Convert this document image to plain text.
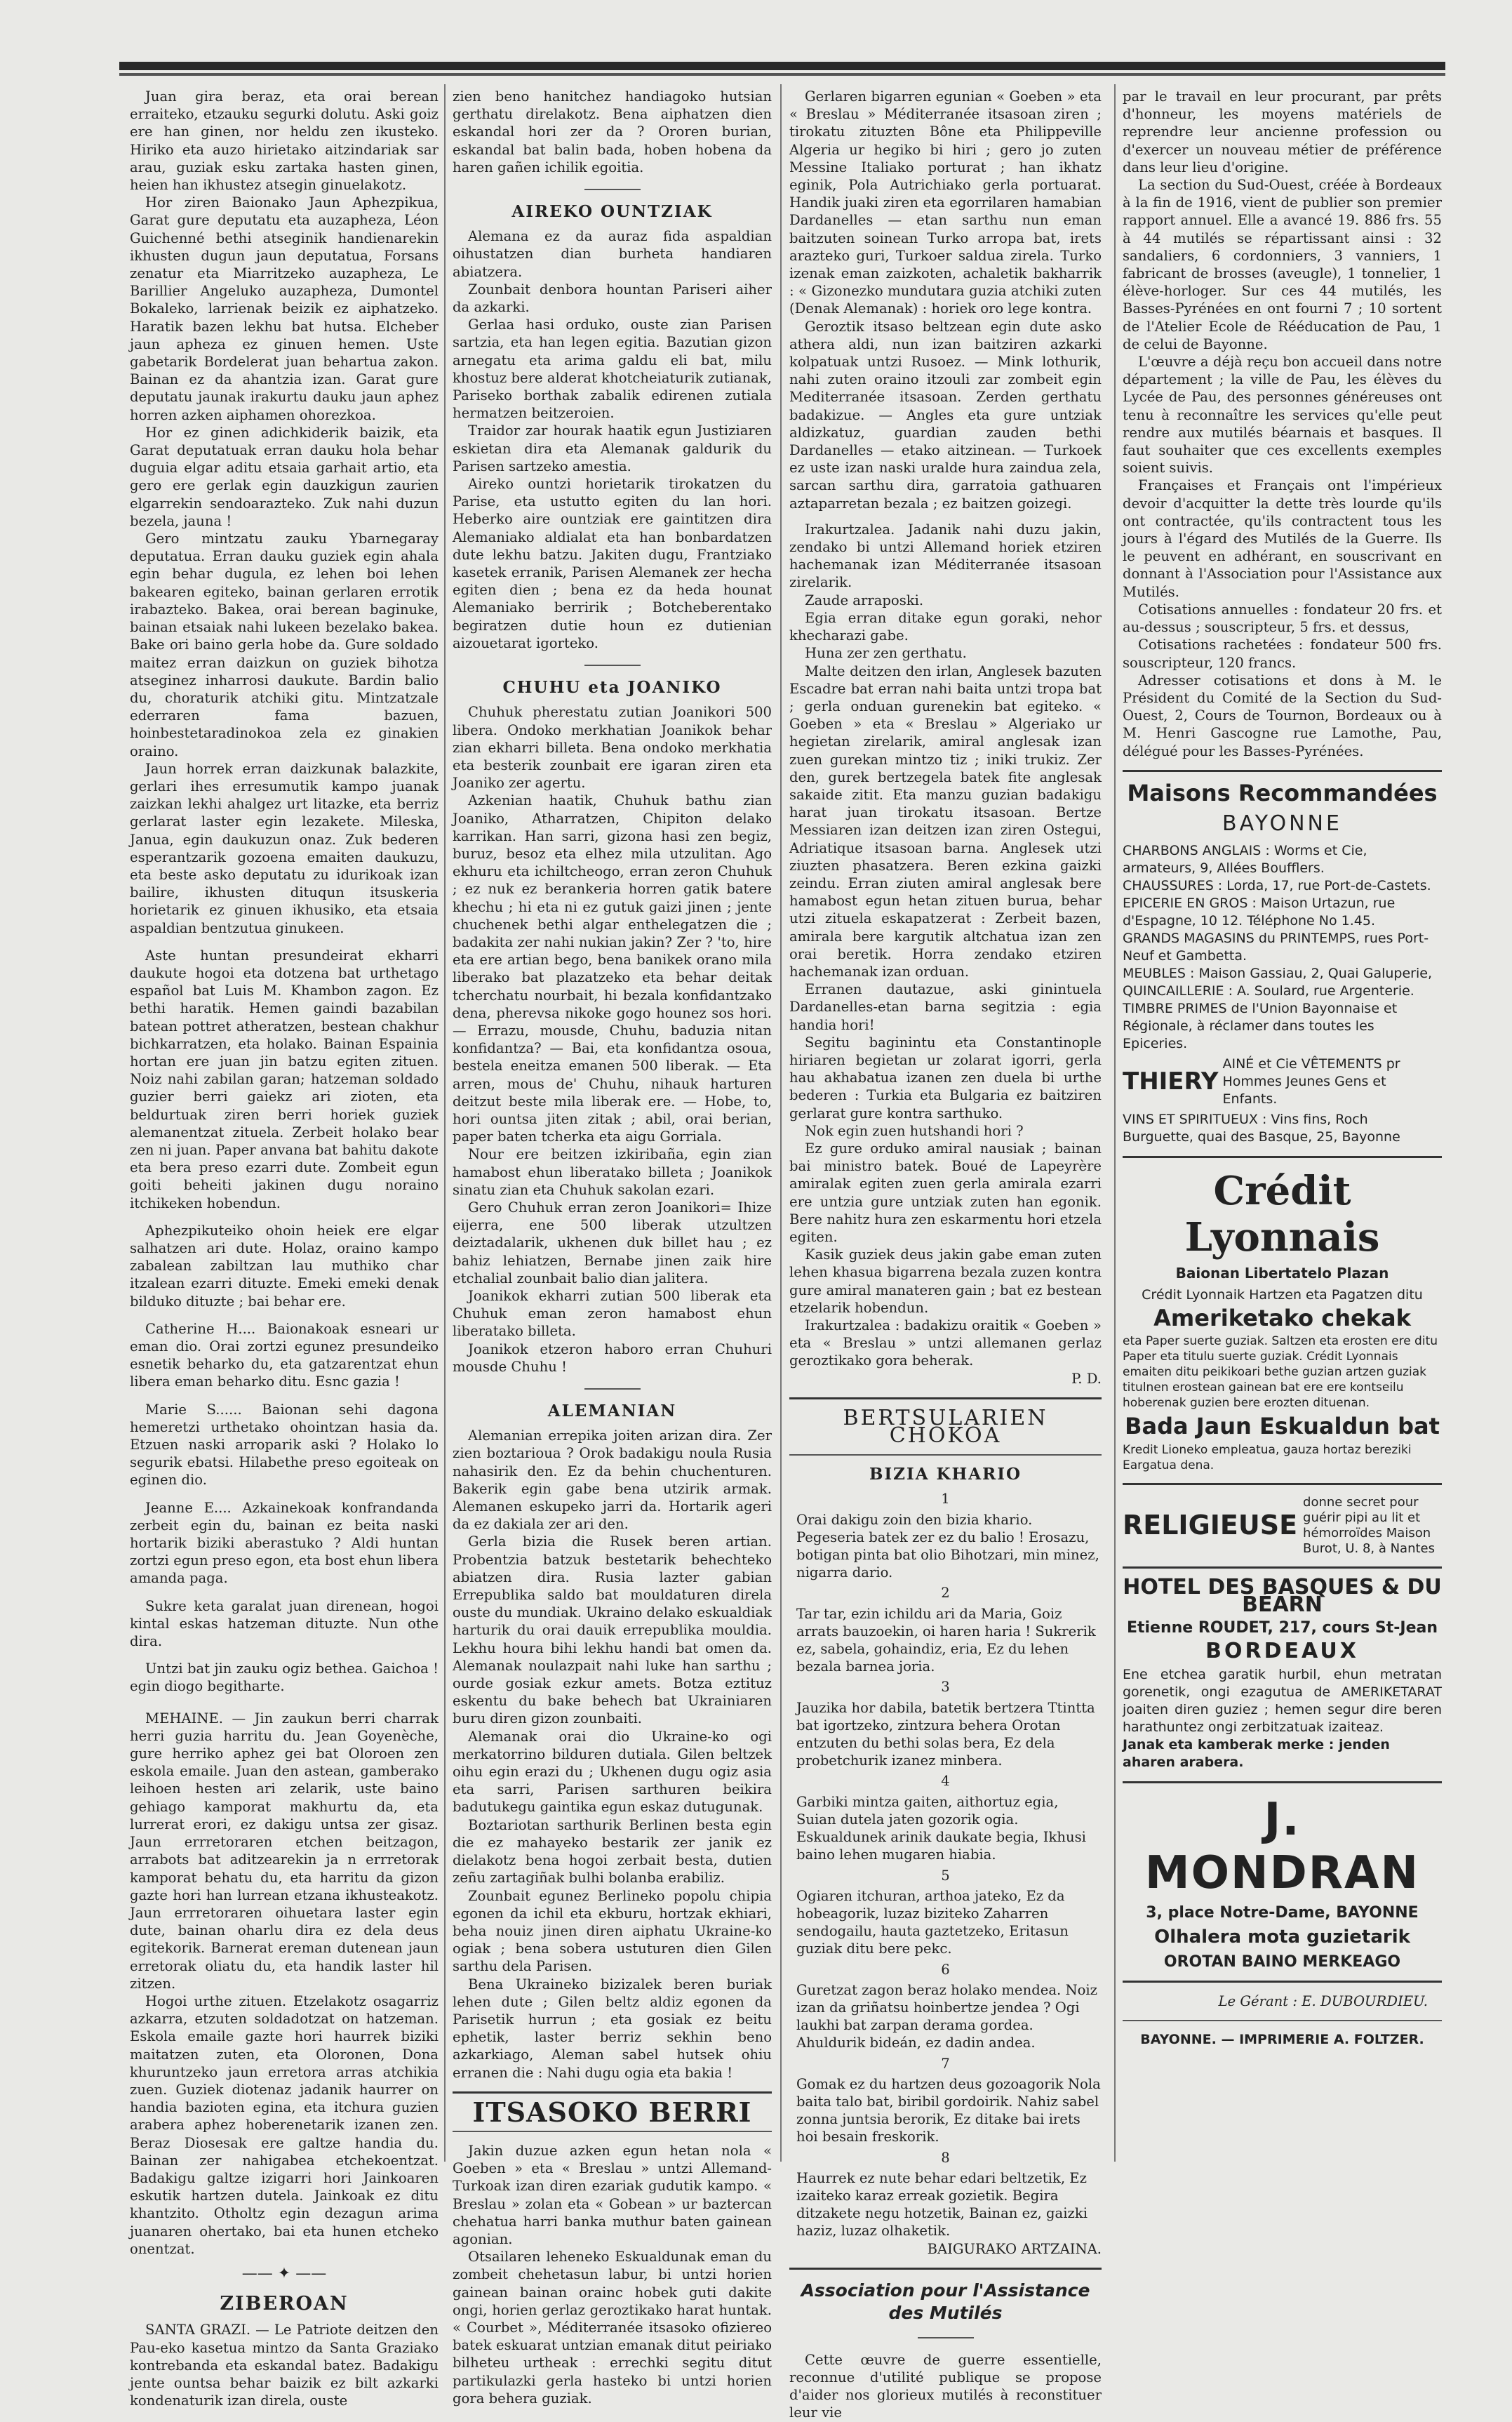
Juan gira beraz, eta orai berean erraiteko, etzauku segurki dolutu. Aski goiz ere han ginen, nor heldu zen ikusteko. Hiriko eta auzo hirietako aitzindariak sar arau, guziak esku zartaka hasten ginen, heien han ikhustez atsegin ginuelakotz.

Hor ziren Baionako Jaun Aphezpikua, Garat gure deputatu eta auzapheza, Léon Guichenné bethi atseginik handienarekin ikhusten dugun jaun deputatua, Forsans zenatur eta Miarritzeko auzapheza, Le Barillier Angeluko auzapheza, Dumontel Bokaleko, larrienak beizik ez aiphatzeko. Haratik bazen lekhu bat hutsa. Elcheber jaun apheza ez ginuen hemen. Uste gabetarik Bordelerat juan behartua zakon. Bainan ez da ahantzia izan. Garat gure deputatu jaunak irakurtu dauku jaun aphez horren azken aiphamen ohorezkoa.

Hor ez ginen adichkiderik baizik, eta Garat deputatuak erran dauku hola behar duguia elgar aditu etsaia garhait artio, eta gero ere gerlak egin dauzkigun zaurien elgarrekin sendoarazteko. Zuk nahi duzun bezela, jauna !

Gero mintzatu zauku Ybarnegaray deputatua. Erran dauku guziek egin ahala egin behar dugula, ez lehen boi lehen bakearen egiteko, bainan gerlaren errotik irabazteko. Bakea, orai berean baginuke, bainan etsaiak nahi lukeen bezelako bakea. Bake ori baino gerla hobe da. Gure soldado maitez erran daizkun on guziek bihotza atseginez inharrosi daukute. Bardin balio du, choraturik atchiki gitu. Mintzatzale ederraren fama bazuen, hoinbestetaradinokoa zela ez ginakien oraino.

Jaun horrek erran daizkunak balazkite, gerlari ihes erresumutik kampo juanak zaizkan lekhi ahalgez urt litazke, eta berriz gerlarat laster egin lezakete. Mileska, Janua, egin daukuzun onaz. Zuk bederen esperantzarik gozoena emaiten daukuzu, eta beste asko deputatu zu idurikoak izan bailire, ikhusten dituqun itsuskeria horietarik ez ginuen ikhusiko, eta etsaia aspaldian bentzutua ginukeen.

Aste huntan presundeirat ekharri daukute hogoi eta dotzena bat urthetago español bat Luis M. Khambon zagon. Ez bethi haratik. Hemen gaindi bazabilan batean pottret atheratzen, bestean chakhur bichkarratzen, eta holako. Bainan Espainia hortan ere juan jin batzu egiten zituen. Noiz nahi zabilan garan; hatzeman soldado guzier berri gaiekz ari zioten, eta beldurtuak ziren berri horiek guziek alemanentzat zituela. Zerbeit holako bear zen ni juan. Paper anvana bat bahitu dakote eta bera preso ezarri dute. Zombeit egun goiti beheiti jakinen dugu noraino itchikeken hobendun.

Aphezpikuteiko ohoin heiek ere elgar salhatzen ari dute. Holaz, oraino kampo zabalean zabiltzan lau muthiko char itzalean ezarri dituzte. Emeki emeki denak bilduko dituzte ; bai behar ere.

Catherine H.... Baionakoak esneari ur eman dio. Orai zortzi egunez presundeiko esnetik beharko du, eta gatzarentzat ehun libera eman beharko ditu. Esnc gazia !

Marie S...... Baionan sehi dagona hemeretzi urthetako ohointzan hasia da. Etzuen naski arroparik aski ? Holako lo segurik ebatsi. Hilabethe preso egoiteak on eginen dio.

Jeanne E.... Azkainekoak konfrandanda zerbeit egin du, bainan ez beita naski hortarik biziki aberastuko ? Aldi huntan zortzi egun preso egon, eta bost ehun libera amanda paga.

Sukre keta garalat juan direnean, hogoi kintal eskas hatzeman dituzte. Nun othe dira.

Untzi bat jin zauku ogiz bethea. Gaichoa ! egin diogo begitharte.

MEHAINE. — Jin zaukun berri charrak herri guzia harritu du. Jean Goyenèche, gure herriko aphez gei bat Oloroen zen eskola emaile. Juan den astean, gamberako leihoen hesten ari zelarik, uste baino gehiago kamporat makhurtu da, eta lurrerat erori, ez dakigu untsa zer gisaz. Jaun errretoraren etchen beitzagon, arrabots bat aditzearekin ja n errretorak kamporat behatu du, eta harritu da gizon gazte hori han lurrean etzana ikhusteakotz. Jaun errretoraren oihuetara laster egin dute, bainan oharlu dira ez dela deus egitekorik. Barnerat ereman dutenean jaun erretorak oliatu du, eta handik laster hil zitzen.

Hogoi urthe zituen. Etzelakotz osagarriz azkarra, etzuten soldadotzat on hatzeman. Eskola emaile gazte hori haurrek biziki maitatzen zuten, eta Oloronen, Dona khuruntzeko jaun erretora arras atchikia zuen. Guziek diotenaz jadanik haurrer on handia bazioten egina, eta itchura guzien arabera aphez hoberenetarik izanen zen. Beraz Diosesak ere galtze handia du. Bainan zer nahigabea etchekoentzat. Badakigu galtze izigarri hori Jainkoaren eskutik hartzen dutela. Jainkoak ez ditu khantzito. Otholtz egin dezagun arima juanaren ohertako, bai eta hunen etcheko onentzat.

—— ✦ ——
ZIBEROAN

SANTA GRAZI. — Le Patriote deitzen den Pau-eko kasetua mintzo da Santa Graziako kontrebanda eta eskandal batez. Badakigu jente ountsa behar baizik ez bilt azkarki kondenaturik izan direla, ouste

zien beno hanitchez handiagoko hutsian gerthatu direlakotz. Bena aiphatzen dien eskandal hori zer da ? Ororen burian, eskandal bat balin bada, hoben hobena da haren gañen ichilik egoitia.

AIREKO OUNTZIAK

Alemana ez da auraz fida aspaldian oihustatzen dian burheta handiaren abiatzera.

Zounbait denbora hountan Pariseri aiher da azkarki.

Gerlaa hasi orduko, ouste zian Parisen sartzia, eta han legen egitia. Bazutian gizon arnegatu eta arima galdu eli bat, milu khostuz bere alderat khotcheiaturik zutianak, Pariseko borthak zabalik edirenen zutiala hermatzen beitzeroien.

Traidor zar hourak haatik egun Justiziaren eskietan dira eta Alemanak galdurik du Parisen sartzeko amestia.

Aireko ountzi horietarik tirokatzen du Parise, eta ustutto egiten du lan hori. Heberko aire ountziak ere gaintitzen dira Alemaniako aldialat eta han bonbardatzen dute lekhu batzu. Jakiten dugu, Frantziako kasetek erranik, Parisen Alemanek zer hecha egiten dien ; bena ez da heda hounat Alemaniako berririk ; Botcheberentako begiratzen dutie houn ez dutienian aizouetarat igorteko.

CHUHU eta JOANIKO

Chuhuk pherestatu zutian Joanikori 500 libera. Ondoko merkhatian Joanikok behar zian ekharri billeta. Bena ondoko merkhatia eta besterik zounbait ere igaran ziren eta Joaniko zer agertu.

Azkenian haatik, Chuhuk bathu zian Joaniko, Atharratzen, Chipiton delako karrikan. Han sarri, gizona hasi zen begiz, buruz, besoz eta elhez mila utzulitan. Ago ekhuru eta ichiltcheogo, erran zeron Chuhuk ; ez nuk ez berankeria horren gatik batere khechu ; hi eta ni ez gutuk gaizi jinen ; jente chuchenek bethi algar enthelegatzen die ; badakita zer nahi nukian jakin? Zer ? 'to, hire eta ere artian bego, bena banikek orano mila liberako bat plazatzeko eta behar deitak tcherchatu nourbait, hi bezala konfidantzako dena, pherevsa nikoke gogo hounez sos hori. — Errazu, mousde, Chuhu, baduzia nitan konfidantza? — Bai, eta konfidantza osoua, bestela eneitza emanen 500 liberak. — Eta arren, mous de' Chuhu, nihauk harturen deitzut beste mila liberak ere. — Hobe, to, hori ountsa jiten zitak ; abil, orai berian, paper baten tcherka eta aigu Gorriala.

Nour ere beitzen izkiribaña, egin zian hamabost ehun liberatako billeta ; Joanikok sinatu zian eta Chuhuk sakolan ezari.

Gero Chuhuk erran zeron Joanikori= Ihize eijerra, ene 500 liberak utzultzen deiztadalarik, ukhenen duk billet hau ; ez bahiz lehiatzen, Bernabe jinen zaik hire etchalial zounbait balio dian jalitera.

Joanikok ekharri zutian 500 liberak eta Chuhuk eman zeron hamabost ehun liberatako billeta.

Joanikok etzeron haboro erran Chuhuri mousde Chuhu !

ALEMANIAN

Alemanian errepika joiten arizan dira. Zer zien boztarioua ? Orok badakigu noula Rusia nahasirik den. Ez da behin chuchenturen. Bakerik egin gabe bena utzirik armak. Alemanen eskupeko jarri da. Hortarik ageri da ez dakiala zer ari den.

Gerla bizia die Rusek beren artian. Probentzia batzuk bestetarik behechteko abiatzen dira. Rusia lazter gabian Errepublika saldo bat mouldaturen direla ouste du mundiak. Ukraino delako eskualdiak harturik du orai dauik errepublika mouldia. Lekhu houra bihi lekhu handi bat omen da. Alemanak noulazpait nahi luke han sarthu ; ourde gosiak ezkur amets. Botza eztituz eskentu du bake behech bat Ukrainiaren buru diren gizon zounbaiti.

Alemanak orai dio Ukraine-ko ogi merkatorrino bilduren dutiala. Gilen beltzek oihu egin erazi du ; Ukhenen dugu ogiz asia eta sarri, Parisen sarthuren beikira badutukegu gaintika egun eskaz dutugunak.

Boztariotan sarthurik Berlinen besta egin die ez mahayeko bestarik zer janik ez dielakotz bena hogoi zerbait besta, dutien zeñu zartagiñak bulhi bolanba erabiliz.

Zounbait egunez Berlineko popolu chipia egonen da ichil eta ekburu, hortzak ekhiari, beha nouiz jinen diren aiphatu Ukraine-ko ogiak ; bena sobera ustuturen dien Gilen sarthu dela Parisen.

Bena Ukraineko bizizalek beren buriak lehen dute ; Gilen beltz aldiz egonen da Parisetik hurrun ; eta gosiak ez beitu ephetik, laster berriz sekhin beno azkarkiago, Aleman sabel hutsek ohiu erranen die : Nahi dugu ogia eta bakia !

ITSASOKO BERRI

Jakin duzue azken egun hetan nola « Goeben » eta « Breslau » untzi Allemand-Turkoak izan diren ezariak gudutik kampo. « Breslau » zolan eta « Gobean » ur baztercan chehatua harri banka muthur baten gainean agonian.

Otsailaren leheneko Eskualdunak eman du zombeit chehetasun labur, bi untzi horien gainean bainan orainc hobek guti dakite ongi, horien gerlaz geroztikako harat huntak. « Courbet », Méditerranée itsasoko ofiziereo batek eskuarat untzian emanak ditut peiriako bilheteu urtheak : errechki segitu ditut partikulazki gerla hasteko bi untzi horien gora behera guziak.

Gerlaren bigarren egunian « Goeben » eta « Breslau » Méditerranée itsasoan ziren ; tirokatu zituzten Bône eta Philippeville Algeria ur hegiko bi hiri ; gero jo zuten Messine Italiako porturat ; han ikhatz eginik, Pola Autrichiako gerla portuarat. Handik juaki ziren eta egorrilaren hamabian Dardanelles — etan sarthu nun eman baitzuten soinean Turko arropa bat, irets arazteko guri, Turkoer saldua zirela. Turko izenak eman zaizkoten, achaletik bakharrik : « Gizonezko mundutara guzia atchiki zuten (Denak Alemanak) : horiek oro lege kontra.

Geroztik itsaso beltzean egin dute asko athera aldi, nun izan baitziren azkarki kolpatuak untzi Rusoez. — Mink lothurik, nahi zuten oraino itzouli zar zombeit egin Mediterranée itsasoan. Zerden gerthatu badakizue. — Angles eta gure untziak aldizkatuz, guardian zauden bethi Dardanelles — etako aitzinean. — Turkoek ez uste izan naski uralde hura zaindua zela, sarcan sarthu dira, garratoia gathuaren aztaparretan bezala ; ez baitzen goizegi.

Irakurtzalea. Jadanik nahi duzu jakin, zendako bi untzi Allemand horiek etziren hachemanak izan Méditerranée itsasoan zirelarik.

Zaude arraposki.

Egia erran ditake egun goraki, nehor khecharazi gabe.

Huna zer zen gerthatu.

Malte deitzen den irlan, Anglesek bazuten Escadre bat erran nahi baita untzi tropa bat ; gerla onduan gurenekin bat egiteko. « Goeben » eta « Breslau » Algeriako ur hegietan zirelarik, amiral anglesak izan zuen gurekan mintzo tiz ; iniki trukiz. Zer den, gurek bertzegela batek fite anglesak sakaide zitit. Eta manzu guzian badakigu harat juan tirokatu itsasoan. Bertze Messiaren izan deitzen izan ziren Ostegui, Adriatique itsasoan barna. Anglesek utzi ziuzten phasatzera. Beren ezkina gaizki zeindu. Erran ziuten amiral anglesak bere hamabost egun hetan zituen burua, behar utzi zituela eskapatzerat : Zerbeit bazen, amirala bere kargutik altchatua izan zen orai beretik. Horra zendako etziren hachemanak izan orduan.

Erranen dautazue, aski ginintuela Dardanelles-etan barna segitzia : egia handia hori!

Segitu baginintu eta Constantinople hiriaren begietan ur zolarat igorri, gerla hau akhabatua izanen zen duela bi urthe bederen : Turkia eta Bulgaria ez baitziren gerlarat gure kontra sarthuko.

Nok egin zuen hutshandi hori ?

Ez gure orduko amiral nausiak ; bainan bai ministro batek. Boué de Lapeyrère amiralak egiten zuen gerla amirala ezarri ere untzia gure untziak zuten han egonik. Bere nahitz hura zen eskarmentu hori etzela egiten.

Kasik guziek deus jakin gabe eman zuten lehen khasua bigarrena bezala zuzen kontra gure amiral manateren gain ; bat ez bestean etzelarik hobendun.

Irakurtzalea : badakizu oraitik « Goeben » eta « Breslau » untzi allemanen gerlaz geroztikako gora beherak.

P. D.

BERTSULARIEN CHOKOA
BIZIA KHARIO
1

Orai dakigu zoin den bizia khario. Pegeseria batek zer ez du balio ! Erosazu, botigan pinta bat olio Bihotzari, min minez, nigarra dario.

2

Tar tar, ezin ichildu ari da Maria, Goiz arrats bauzoekin, oi haren haria ! Sukrerik ez, sabela, gohaindiz, eria, Ez du lehen bezala barnea joria.

3

Jauzika hor dabila, batetik bertzera Ttintta bat igortzeko, zintzura behera Orotan entzuten du bethi solas bera, Ez dela probetchurik izanez minbera.

4

Garbiki mintza gaiten, aithortuz egia, Suian dutela jaten gozorik ogia. Eskualdunek arinik daukate begia, Ikhusi baino lehen mugaren hiabia.

5

Ogiaren itchuran, arthoa jateko, Ez da hobeagorik, luzaz biziteko Zaharren sendogailu, hauta gaztetzeko, Eritasun guziak ditu bere pekc.

6

Guretzat zagon beraz holako mendea. Noiz izan da griñatsu hoinbertze jendea ? Ogi laukhi bat zarpan derama gordea. Ahuldurik bideán, ez dadin andea.

7

Gomak ez du hartzen deus gozoagorik Nola baita talo bat, biribil gordoirik. Nahiz sabel zonna juntsia berorik, Ez ditake bai irets hoi besain freskorik.

8

Haurrek ez nute behar edari beltzetik, Ez izaiteko karaz erreak gozietik. Begira ditzakete negu hotzetik, Bainan ez, gaizki haziz, luzaz olhaketik.

BAIGURAKO ARTZAINA.

Association pour l'Assistance des Mutilés

Cette œuvre de guerre essentielle, reconnue d'utilité publique se propose d'aider nos glorieux mutilés à reconstituer leur vie

par le travail en leur procurant, par prêts d'honneur, les moyens matériels de reprendre leur ancienne profession ou d'exercer un nouveau métier de préférence dans leur lieu d'origine.

La section du Sud-Ouest, créée à Bordeaux à la fin de 1916, vient de publier son premier rapport annuel. Elle a avancé 19. 886 frs. 55 à 44 mutilés se répartissant ainsi : 32 sandaliers, 6 cordonniers, 3 vanniers, 1 fabricant de brosses (aveugle), 1 tonnelier, 1 élève-horloger. Sur ces 44 mutilés, les Basses-Pyrénées en ont fourni 7 ; 10 sortent de l'Atelier Ecole de Rééducation de Pau, 1 de celui de Bayonne.

L'œuvre a déjà reçu bon accueil dans notre département ; la ville de Pau, les élèves du Lycée de Pau, des personnes généreuses ont tenu à reconnaître les services qu'elle peut rendre aux mutilés béarnais et basques. Il faut souhaiter que ces excellents exemples soient suivis.

Françaises et Français ont l'impérieux devoir d'acquitter la dette très lourde qu'ils ont contractée, qu'ils contractent tous les jours à l'égard des Mutilés de la Guerre. Ils le peuvent en adhérant, en souscrivant en donnant à l'Association pour l'Assistance aux Mutilés.

Cotisations annuelles : fondateur 20 frs. et au-dessus ; souscripteur, 5 frs. et dessus,

Cotisations rachetées : fondateur 500 frs. souscripteur, 120 francs.

Adresser cotisations et dons à M. le Président du Comité de la Section du Sud-Ouest, 2, Cours de Tournon, Bordeaux ou à M. Henri Gascogne rue Lamothe, Pau, délégué pour les Basses-Pyrénées.

Maisons Recommandées
BAYONNE

CHARBONS ANGLAIS : Worms et Cie, armateurs, 9, Allées Boufflers.

CHAUSSURES : Lorda, 17, rue Port-de-Castets.

EPICERIE EN GROS : Maison Urtazun, rue d'Espagne, 10 12. Téléphone No 1.45.

GRANDS MAGASINS du PRINTEMPS, rues Port-Neuf et Gambetta.

MEUBLES : Maison Gassiau, 2, Quai Galuperie,

QUINCAILLERIE : A. Soulard, rue Argenterie.

TIMBRE PRIMES de l'Union Bayonnaise et Régionale, à réclamer dans toutes les Epiceries.

THIERY
AINÉ et Cie VÊTEMENTS pr Hommes Jeunes Gens et Enfants.

VINS ET SPIRITUEUX : Vins fins, Roch Burguette, quai des Basque, 25, Bayonne

Crédit Lyonnais
Baionan Libertatelo Plazan

Crédit Lyonnaik Hartzen eta Pagatzen ditu

Ameriketako chekak

eta Paper suerte guziak. Saltzen eta erosten ere ditu Paper eta titulu suerte guziak. Crédit Lyonnais emaiten ditu peikikoari bethe guzian artzen guziak titulnen erostean gainean bat ere ere kontseilu hoberenak guzien bere erozten dituenan.

Bada Jaun Eskualdun bat

Kredit Lioneko empleatua, gauza hortaz bereziki Eargatua dena.

RELIGIEUSE
donne secret pour guérir pipi au lit et hémorroïdes Maison Burot, U. 8, à Nantes
HOTEL DES BASQUES & DU BÉARN
Etienne ROUDET, 217, cours St-Jean
BORDEAUX

Ene etchea garatik hurbil, ehun metratan gorenetik, ongi ezagutua de AMERIKETARAT joaiten diren guziez ; hemen segur dire beren harathuntez ongi zerbitzatuak izaiteaz.

Janak eta kamberak merke : jenden aharen arabera.

J. MONDRAN
3, place Notre-Dame, BAYONNE
Olhalera mota guzietarik
OROTAN BAINO MERKEAGO

Le Gérant : E. DUBOURDIEU.

BAYONNE. — IMPRIMERIE A. FOLTZER.
